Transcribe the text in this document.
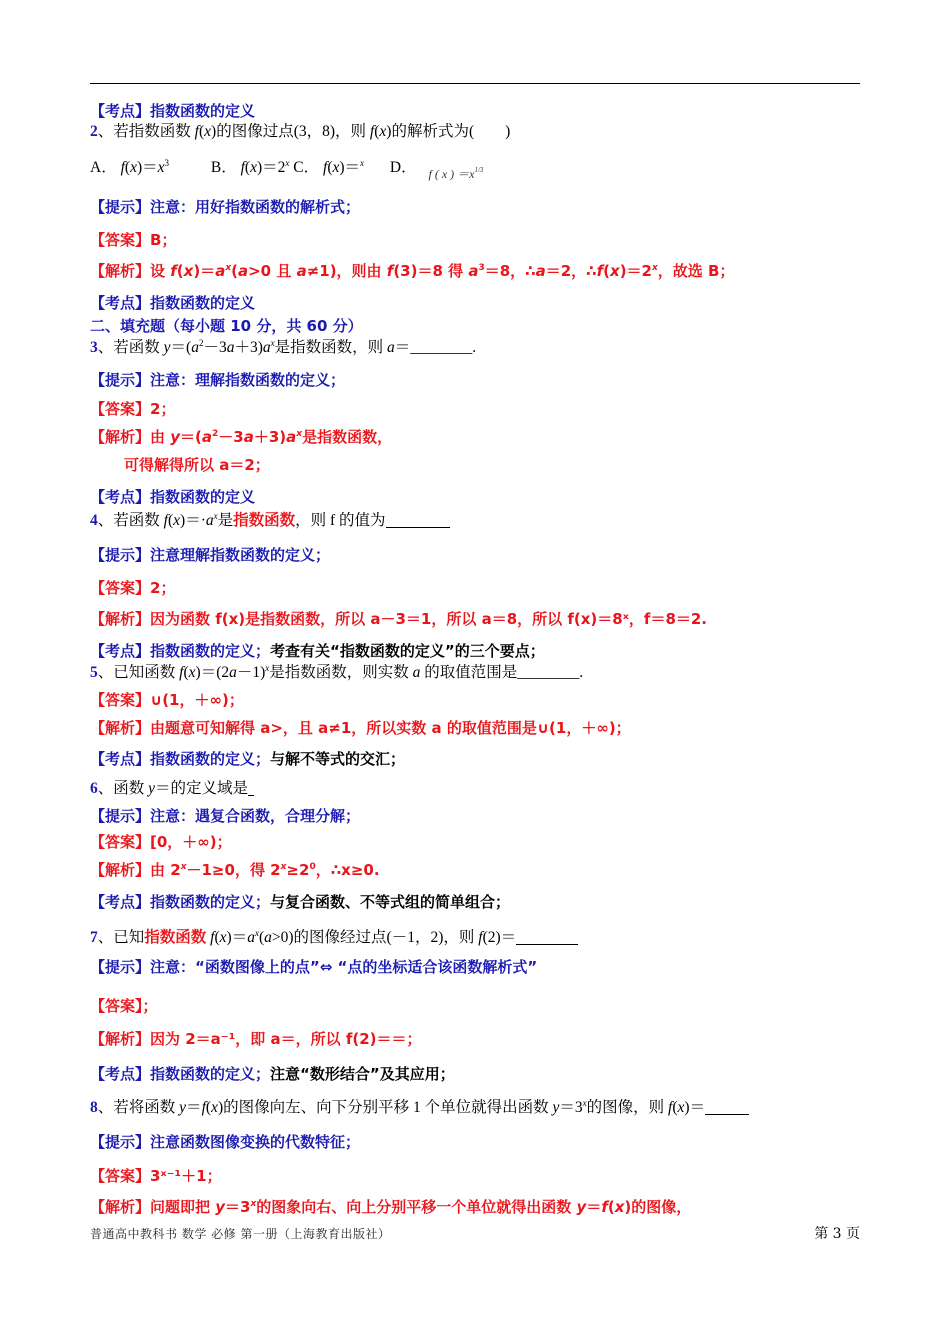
【考点】指数函数的定义
2、若指数函数 f(x)的图像过点(3，8)，则 f(x)的解析式为(　　)
A． $f(x)=x^3$	B． $f(x)=2^x$ C． f(x)＝$^x$ D． $_{f ( x ) =x^{1/3}}$
【提示】注意：用好指数函数的解析式；
【答案】B；
【解析】设 $f(x)=a^x(a>0$ 且 a≠1)，则由 f(3)＝8 得 $a^3=8$，∴a＝2，$\therefore f(x)=2^x$，故选 B；
【考点】指数函数的定义
二、填充题（每小题 10 分，共 60 分）
3、若函数 $y=(a^2-3a+3)a^x$是指数函数，则 a＝________.
【提示】注意：理解指数函数的定义；
【答案】2；
【解析】由 $y=(a^2-3a+3)a^x$是指数函数，
可得解得所以 a＝2；
【考点】指数函数的定义
4、若函数 $f(x)=\cdot a^x$是指数函数，则 f 的值为
【提示】注意理解指数函数的定义；
【答案】2；
【解析】因为函数 f(x)是指数函数，所以 a－3＝1，所以 a＝8，所以 f(x)＝8ˣ，f＝8＝2.
【考点】指数函数的定义；考查有关“指数函数的定义”的三个要点；
5、已知函数 $f(x)=(2a-1)^x$是指数函数，则实数 a 的取值范围是________.
【答案】∪(1，＋∞)；
【解析】由题意可知解得 a>，且 a≠1，所以实数 a 的取值范围是∪(1，＋∞)；
【考点】指数函数的定义；与解不等式的交汇；
6、函数 y＝的定义域是
【提示】注意：遇复合函数，合理分解；
【答案】[0，＋∞)；
【解析】由 $2^x-1\ge 0$，得 $2^x\ge 2^0$，∴x≥0.
【考点】指数函数的定义；与复合函数、不等式组的简单组合；
7、已知指数函数 $f(x)=a^x(a>0)$的图像经过点(－1，2)，则 f(2)＝
【提示】注意：“函数图像上的点”⇔ “点的坐标适合该函数解析式”
【答案】；
【解析】因为 2＝a⁻¹，即 a＝，所以 f(2)＝＝；
【考点】指数函数的定义；注意“数形结合”及其应用；
8、若将函数 y＝f(x)的图像向左、向下分别平移 1 个单位就得出函数 $y=3^x$的图像，则 f(x)＝
【提示】注意函数图像变换的代数特征；
【答案】3ˣ⁻¹＋1；
【解析】问题即把 $y=3^x$的图象向右、向上分别平移一个单位就得出函数 y＝f(x)的图像，
普通高中教科书 数学 必修 第一册（上海教育出版社）	第 3 页
